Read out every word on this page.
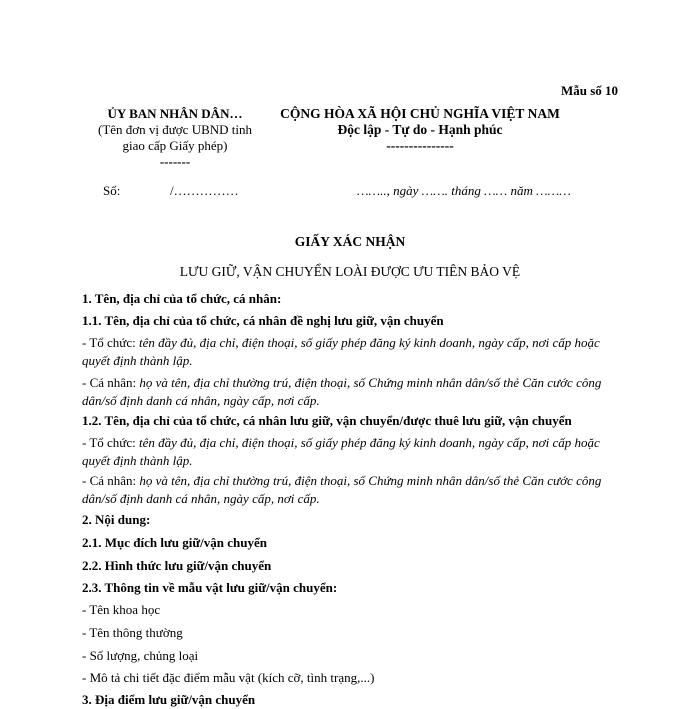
Mẫu số 10
ỦY BAN NHÂN DÂN…
(Tên đơn vị được UBND tỉnh
giao cấp Giấy phép)
-------
CỘNG HÒA XÃ HỘI CHỦ NGHĨA VIỆT NAM
Độc lập - Tự do - Hạnh phúc
---------------
Số:	/……………	…….., ngày ……. tháng …… năm ………
GIẤY XÁC NHẬN
LƯU GIỮ, VẬN CHUYỂN LOÀI ĐƯỢC ƯU TIÊN BẢO VỆ
1. Tên, địa chỉ của tổ chức, cá nhân:
1.1. Tên, địa chỉ của tổ chức, cá nhân đề nghị lưu giữ, vận chuyển
- Tổ chức: tên đầy đủ, địa chỉ, điện thoại, số giấy phép đăng ký kinh doanh, ngày cấp, nơi cấp hoặc quyết định thành lập.
- Cá nhân: họ và tên, địa chỉ thường trú, điện thoại, số Chứng minh nhân dân/số thẻ Căn cước công dân/số định danh cá nhân, ngày cấp, nơi cấp.
1.2. Tên, địa chỉ của tổ chức, cá nhân lưu giữ, vận chuyển/được thuê lưu giữ, vận chuyển
- Tổ chức: tên đầy đủ, địa chỉ, điện thoại, số giấy phép đăng ký kinh doanh, ngày cấp, nơi cấp hoặc quyết định thành lập.
- Cá nhân: họ và tên, địa chỉ thường trú, điện thoại, số Chứng minh nhân dân/số thẻ Căn cước công dân/số định danh cá nhân, ngày cấp, nơi cấp.
2. Nội dung:
2.1. Mục đích lưu giữ/vận chuyển
2.2. Hình thức lưu giữ/vận chuyển
2.3. Thông tin về mẫu vật lưu giữ/vận chuyển:
- Tên khoa học
- Tên thông thường
- Số lượng, chủng loại
- Mô tả chi tiết đặc điểm mẫu vật (kích cỡ, tình trạng,...)
3. Địa điểm lưu giữ/vận chuyển
